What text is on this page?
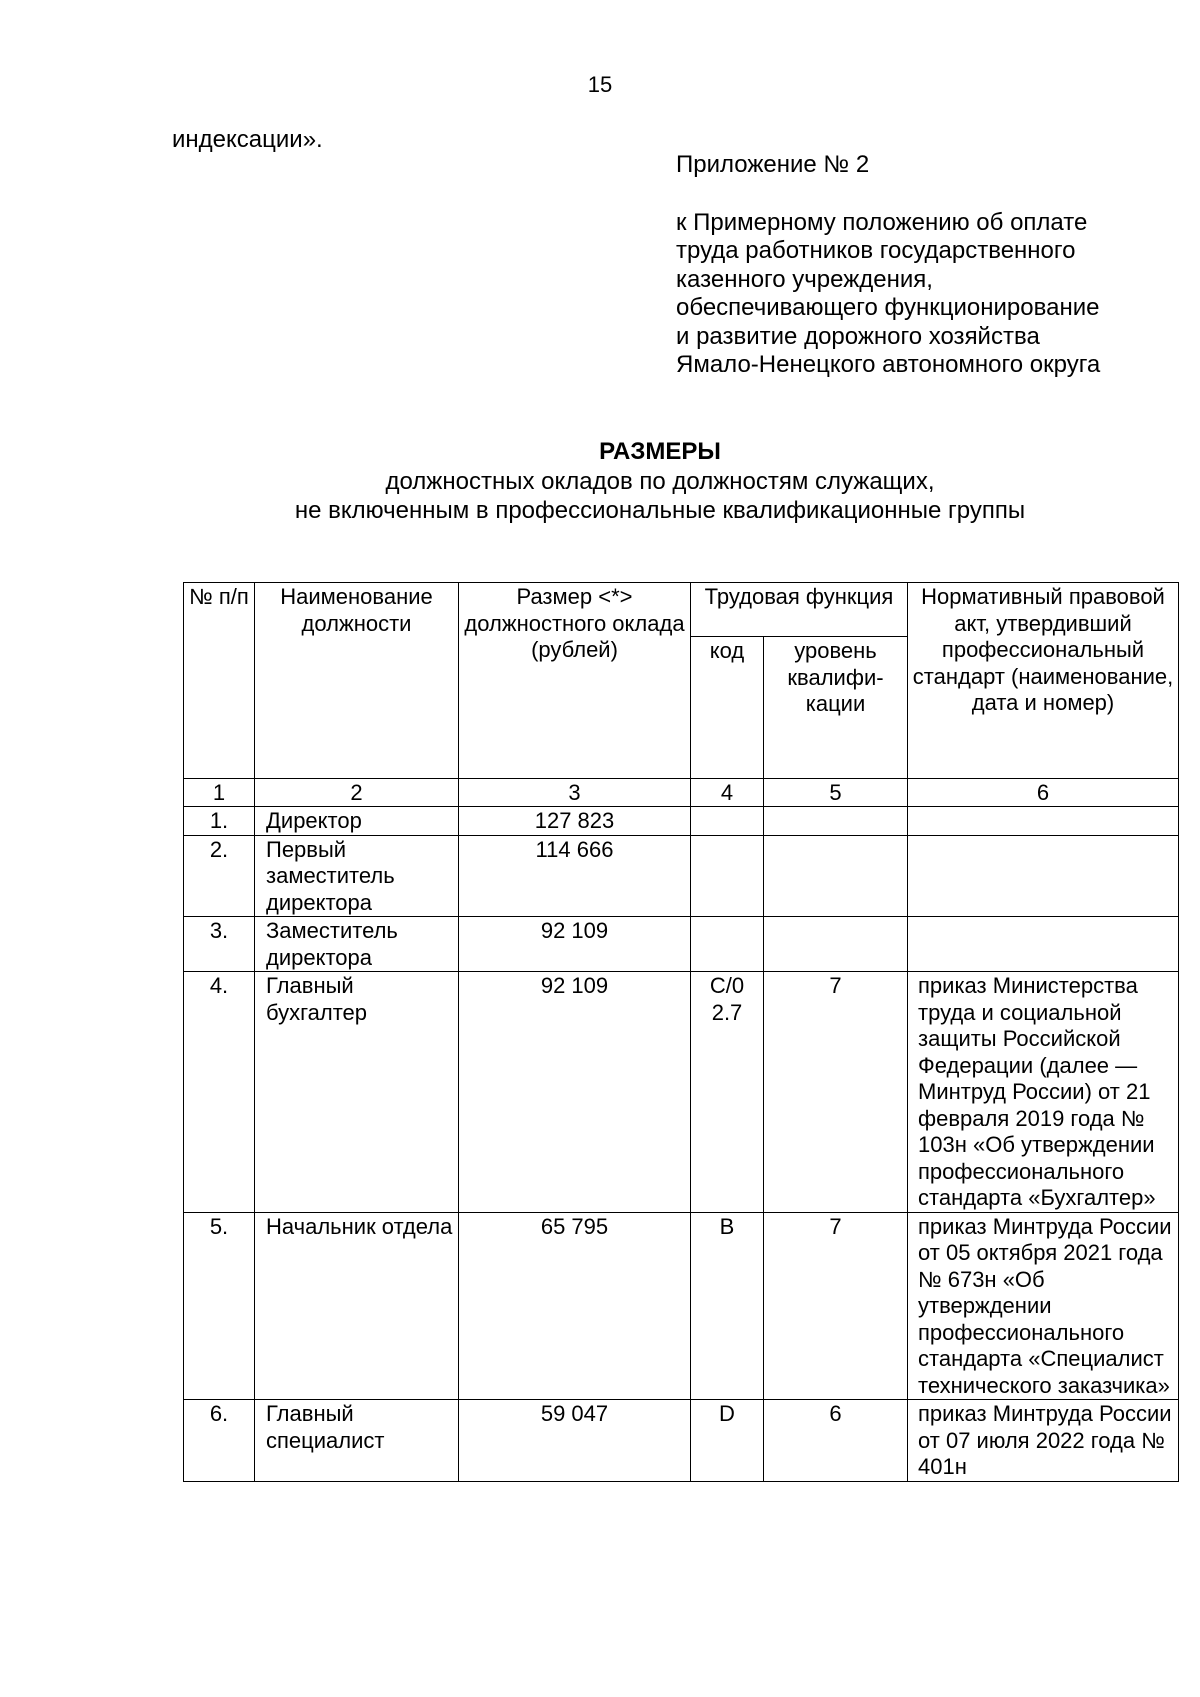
15
индексации».
Приложение № 2
к Примерному положению об оплате
труда работников государственного
казенного учреждения,
обеспечивающего функционирование
и развитие дорожного хозяйства
Ямало-Ненецкого автономного округа
РАЗМЕРЫ
должностных окладов по должностям служащих,
не включенным в профессиональные квалификационные группы
№ п/п	Наименование должности	Размер <*> должностного оклада (рублей)	Трудовая функция		Нормативный правовой акт, утвердивший профессиональный стандарт (наименование, дата и номер)
			код	уровень квалифи-кации	
1	2	3	4	5	6
1.	Директор	127 823			
2.	Первый заместитель директора	114 666			
3.	Заместитель директора	92 109			
4.	Главный бухгалтер	92 109	C/0 2.7	7	приказ Министерства труда и социальной защиты Российской Федерации (далее — Минтруд России) от 21 февраля 2019 года № 103н «Об утверждении профессионального стандарта «Бухгалтер»
5.	Начальник отдела	65 795	B	7	приказ Минтруда России от 05 октября 2021 года № 673н «Об утверждении профессионального стандарта «Специалист технического заказчика»
6.	Главный специалист	59 047	D	6	приказ Минтруда России от 07 июля 2022 года № 401н
